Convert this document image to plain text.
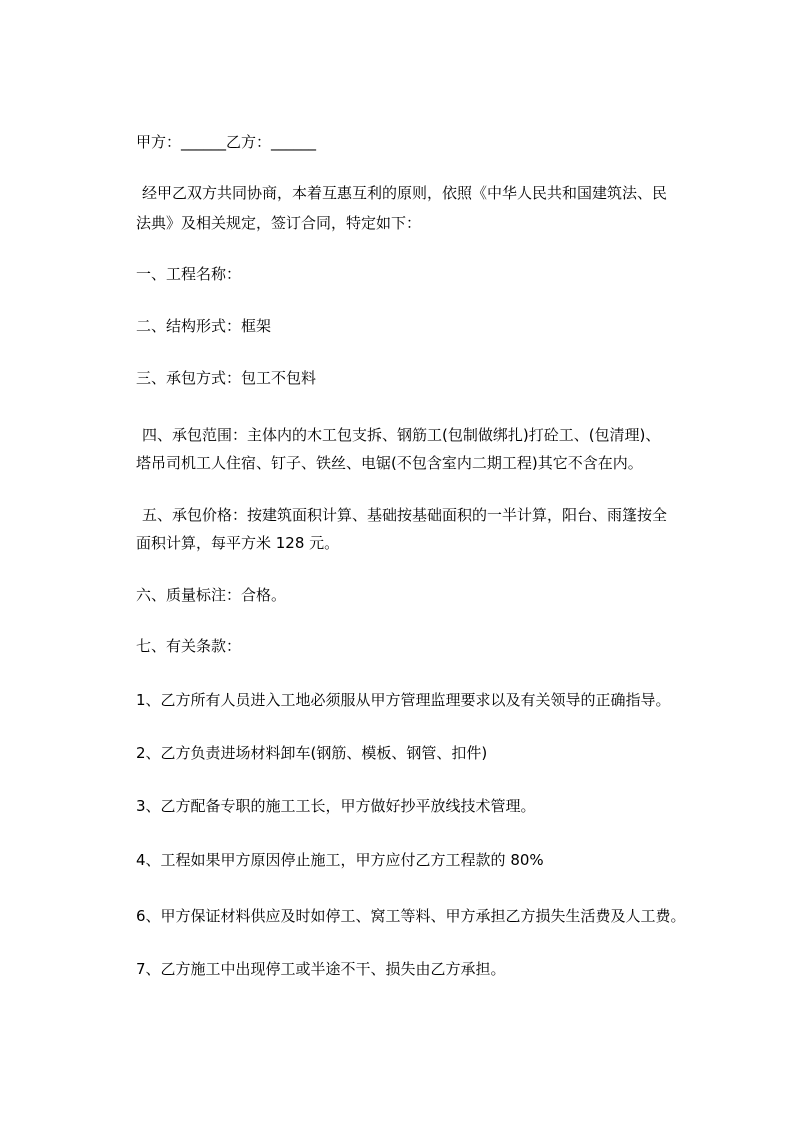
甲方：______乙方：______
经甲乙双方共同协商，本着互惠互利的原则，依照《中华人民共和国建筑法、民
法典》及相关规定，签订合同，特定如下：
一、工程名称：
二、结构形式：框架
三、承包方式：包工不包料
四、承包范围：主体内的木工包支拆、钢筋工(包制做绑扎)打砼工、(包清理)、
塔吊司机工人住宿、钉子、铁丝、电锯(不包含室内二期工程)其它不含在内。
五、承包价格：按建筑面积计算、基础按基础面积的一半计算，阳台、雨篷按全
面积计算，每平方米 128 元。
六、质量标注：合格。
七、有关条款：
1、乙方所有人员进入工地必须服从甲方管理监理要求以及有关领导的正确指导。
2、乙方负责进场材料卸车(钢筋、模板、钢管、扣件)
3、乙方配备专职的施工工长，甲方做好抄平放线技术管理。
4、工程如果甲方原因停止施工，甲方应付乙方工程款的 80%
6、甲方保证材料供应及时如停工、窝工等料、甲方承担乙方损失生活费及人工费。
7、乙方施工中出现停工或半途不干、损失由乙方承担。
